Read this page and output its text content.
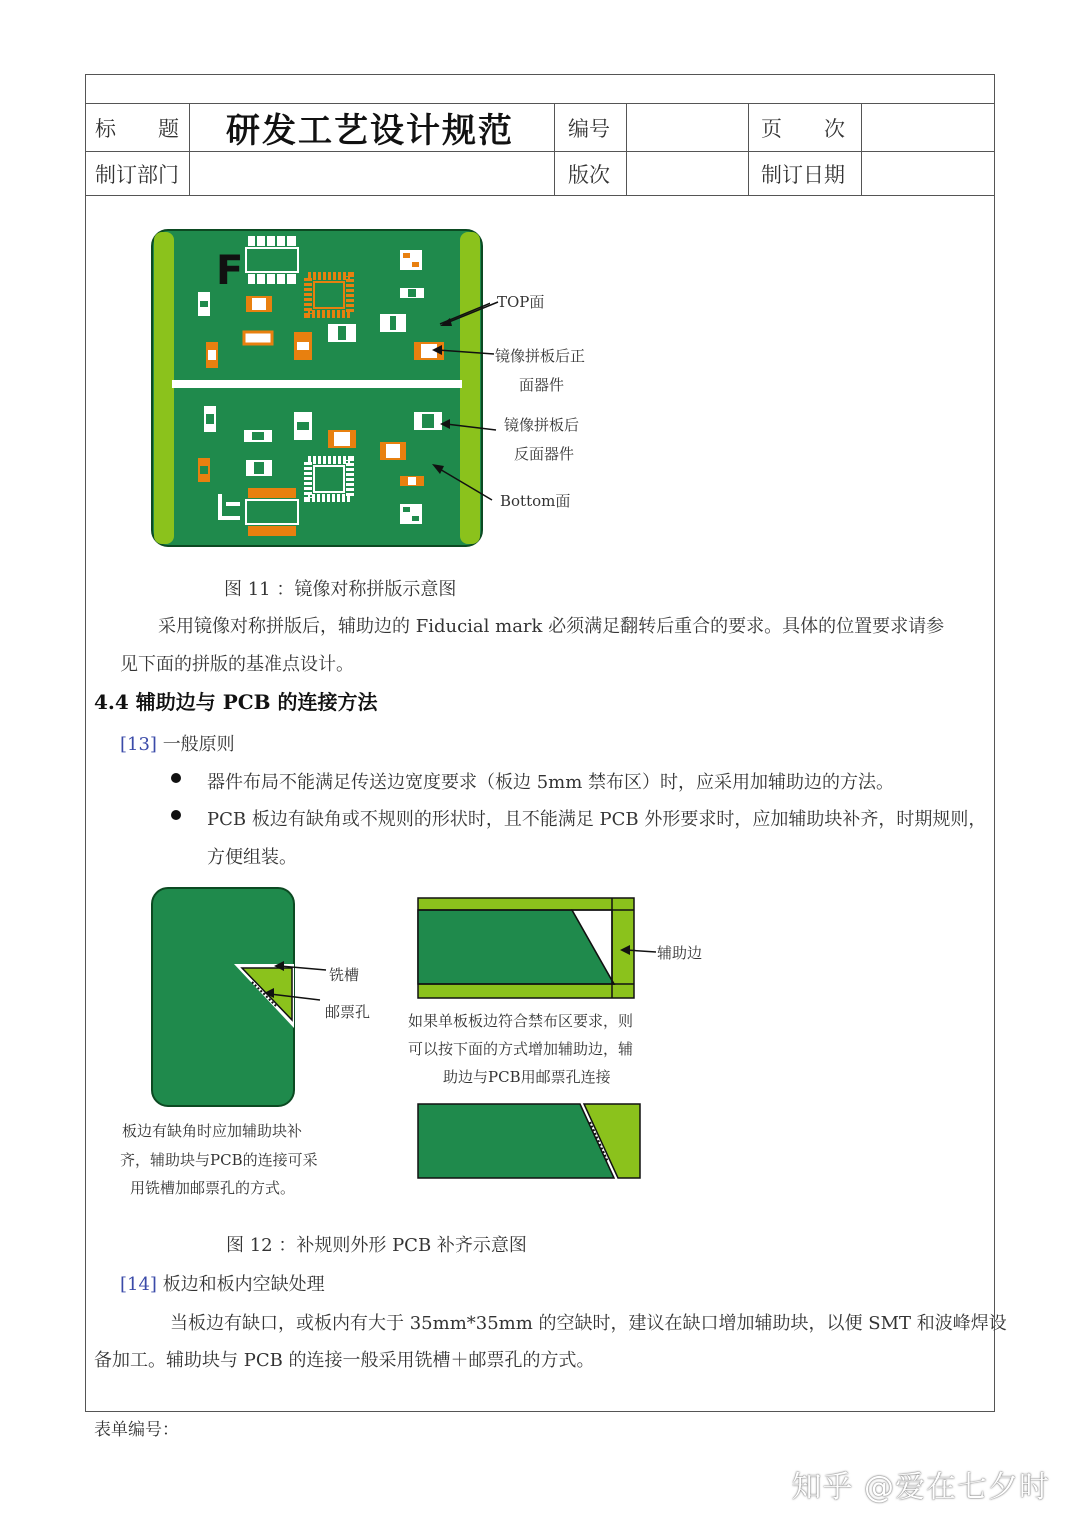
标　　题 研发工艺设计规范	编号	页　　次
制订部门	版次	制订日期
F
TOP面
镜像拼板后正
面器件
镜像拼板后
反面器件
Bottom面
图 11 ：镜像对称拼版示意图
采用镜像对称拼版后，辅助边的 Fiducial mark 必须满足翻转后重合的要求。具体的位置要求请参
见下面的拼版的基准点设计。
4.4 辅助边与 PCB 的连接方法
[13] 一般原则
器件布局不能满足传送边宽度要求（板边 5mm 禁布区）时，应采用加辅助边的方法。
PCB 板边有缺角或不规则的形状时，且不能满足 PCB 外形要求时，应加辅助块补齐，时期规则，
方便组装。
铣槽
邮票孔
板边有缺角时应加辅助块补
齐，辅助块与PCB的连接可采
用铣槽加邮票孔的方式。
辅助边
如果单板板边符合禁布区要求，则
可以按下面的方式增加辅助边，辅
助边与PCB用邮票孔连接
图 12 ：补规则外形 PCB 补齐示意图
[14] 板边和板内空缺处理
当板边有缺口，或板内有大于 35mm*35mm 的空缺时，建议在缺口增加辅助块，以便 SMT 和波峰焊设
备加工。辅助块与 PCB 的连接一般采用铣槽＋邮票孔的方式。
表单编号：
知乎 @爱在七夕时
